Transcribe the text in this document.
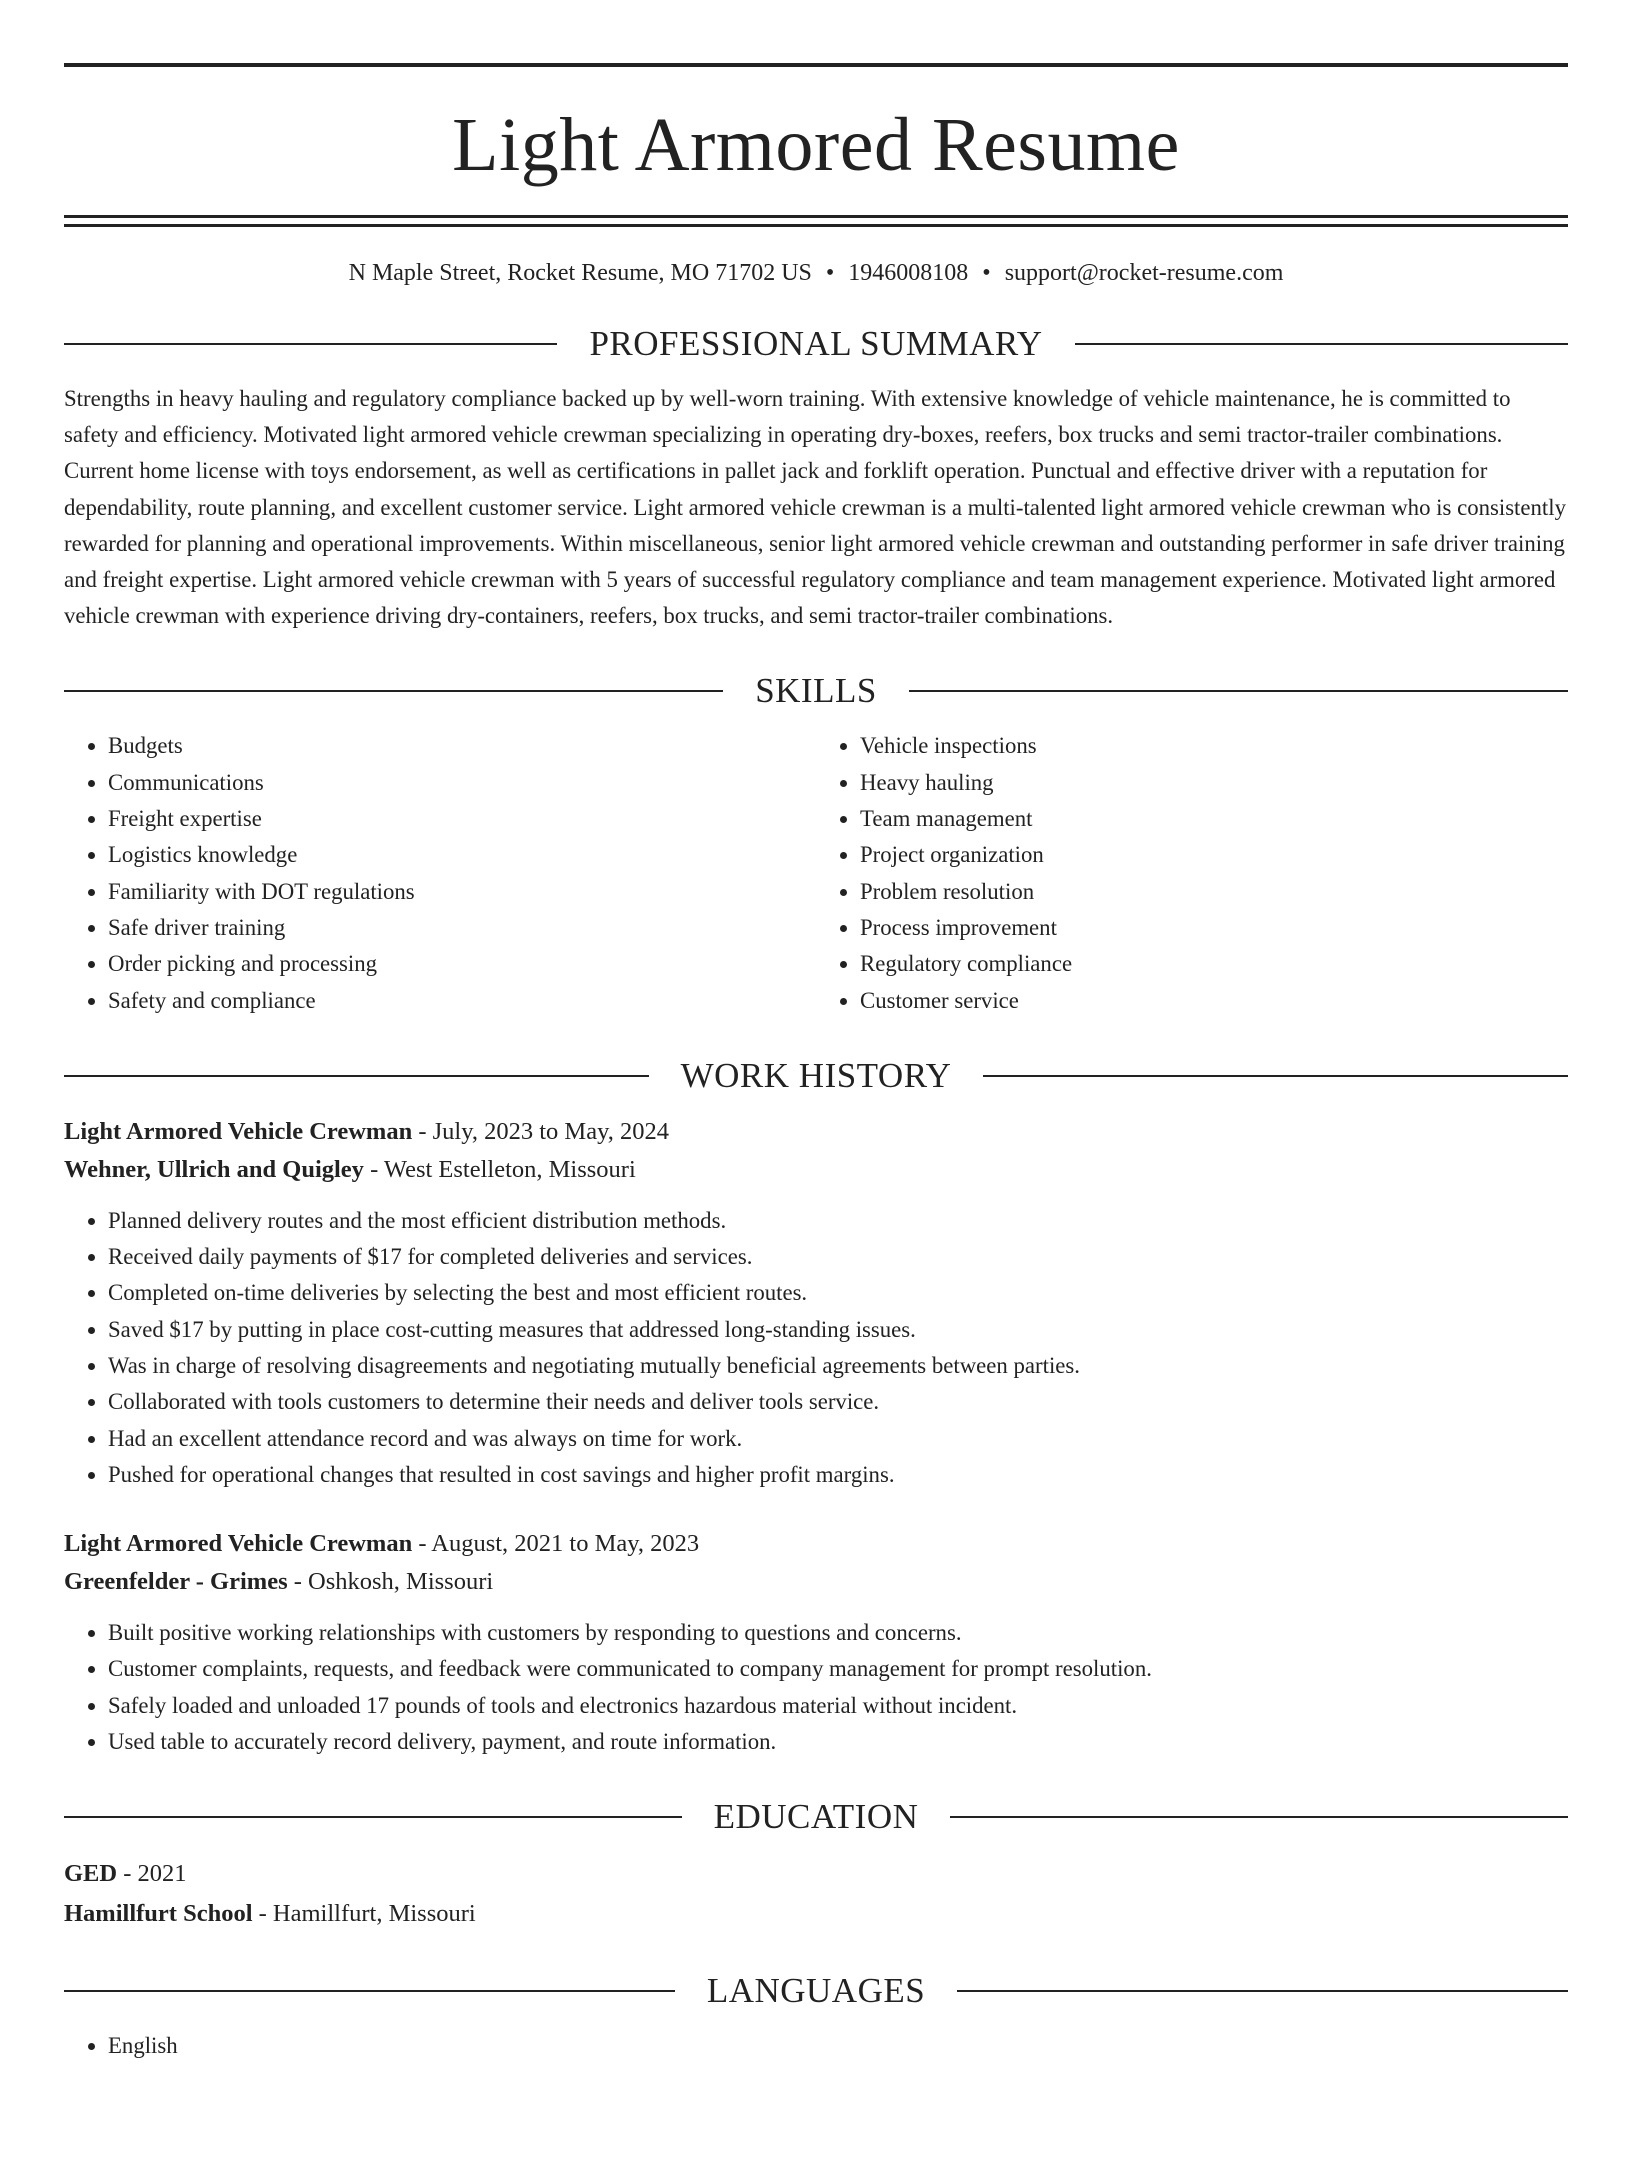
Light Armored Resume
N Maple Street, Rocket Resume, MO 71702 US • 1946008108 • support@rocket-resume.com
PROFESSIONAL SUMMARY

Strengths in heavy hauling and regulatory compliance backed up by well-worn training. With extensive knowledge of vehicle maintenance, he is committed to safety and efficiency. Motivated light armored vehicle crewman specializing in operating dry-boxes, reefers, box trucks and semi tractor-trailer combinations. Current home license with toys endorsement, as well as certifications in pallet jack and forklift operation. Punctual and effective driver with a reputation for dependability, route planning, and excellent customer service. Light armored vehicle crewman is a multi-talented light armored vehicle crewman who is consistently rewarded for planning and operational improvements. Within miscellaneous, senior light armored vehicle crewman and outstanding performer in safe driver training and freight expertise. Light armored vehicle crewman with 5 years of successful regulatory compliance and team management experience. Motivated light armored vehicle crewman with experience driving dry-containers, reefers, box trucks, and semi tractor-trailer combinations.

SKILLS
• Budgets
• Communications
• Freight expertise
• Logistics knowledge
• Familiarity with DOT regulations
• Safe driver training
• Order picking and processing
• Safety and compliance
• Vehicle inspections
• Heavy hauling
• Team management
• Project organization
• Problem resolution
• Process improvement
• Regulatory compliance
• Customer service
WORK HISTORY
Light Armored Vehicle Crewman - July, 2023 to May, 2024
Wehner, Ullrich and Quigley - West Estelleton, Missouri
• Planned delivery routes and the most efficient distribution methods.
• Received daily payments of $17 for completed deliveries and services.
• Completed on-time deliveries by selecting the best and most efficient routes.
• Saved $17 by putting in place cost-cutting measures that addressed long-standing issues.
• Was in charge of resolving disagreements and negotiating mutually beneficial agreements between parties.
• Collaborated with tools customers to determine their needs and deliver tools service.
• Had an excellent attendance record and was always on time for work.
• Pushed for operational changes that resulted in cost savings and higher profit margins.
Light Armored Vehicle Crewman - August, 2021 to May, 2023
Greenfelder - Grimes - Oshkosh, Missouri
• Built positive working relationships with customers by responding to questions and concerns.
• Customer complaints, requests, and feedback were communicated to company management for prompt resolution.
• Safely loaded and unloaded 17 pounds of tools and electronics hazardous material without incident.
• Used table to accurately record delivery, payment, and route information.
EDUCATION
GED - 2021
Hamillfurt School - Hamillfurt, Missouri
LANGUAGES
• English
